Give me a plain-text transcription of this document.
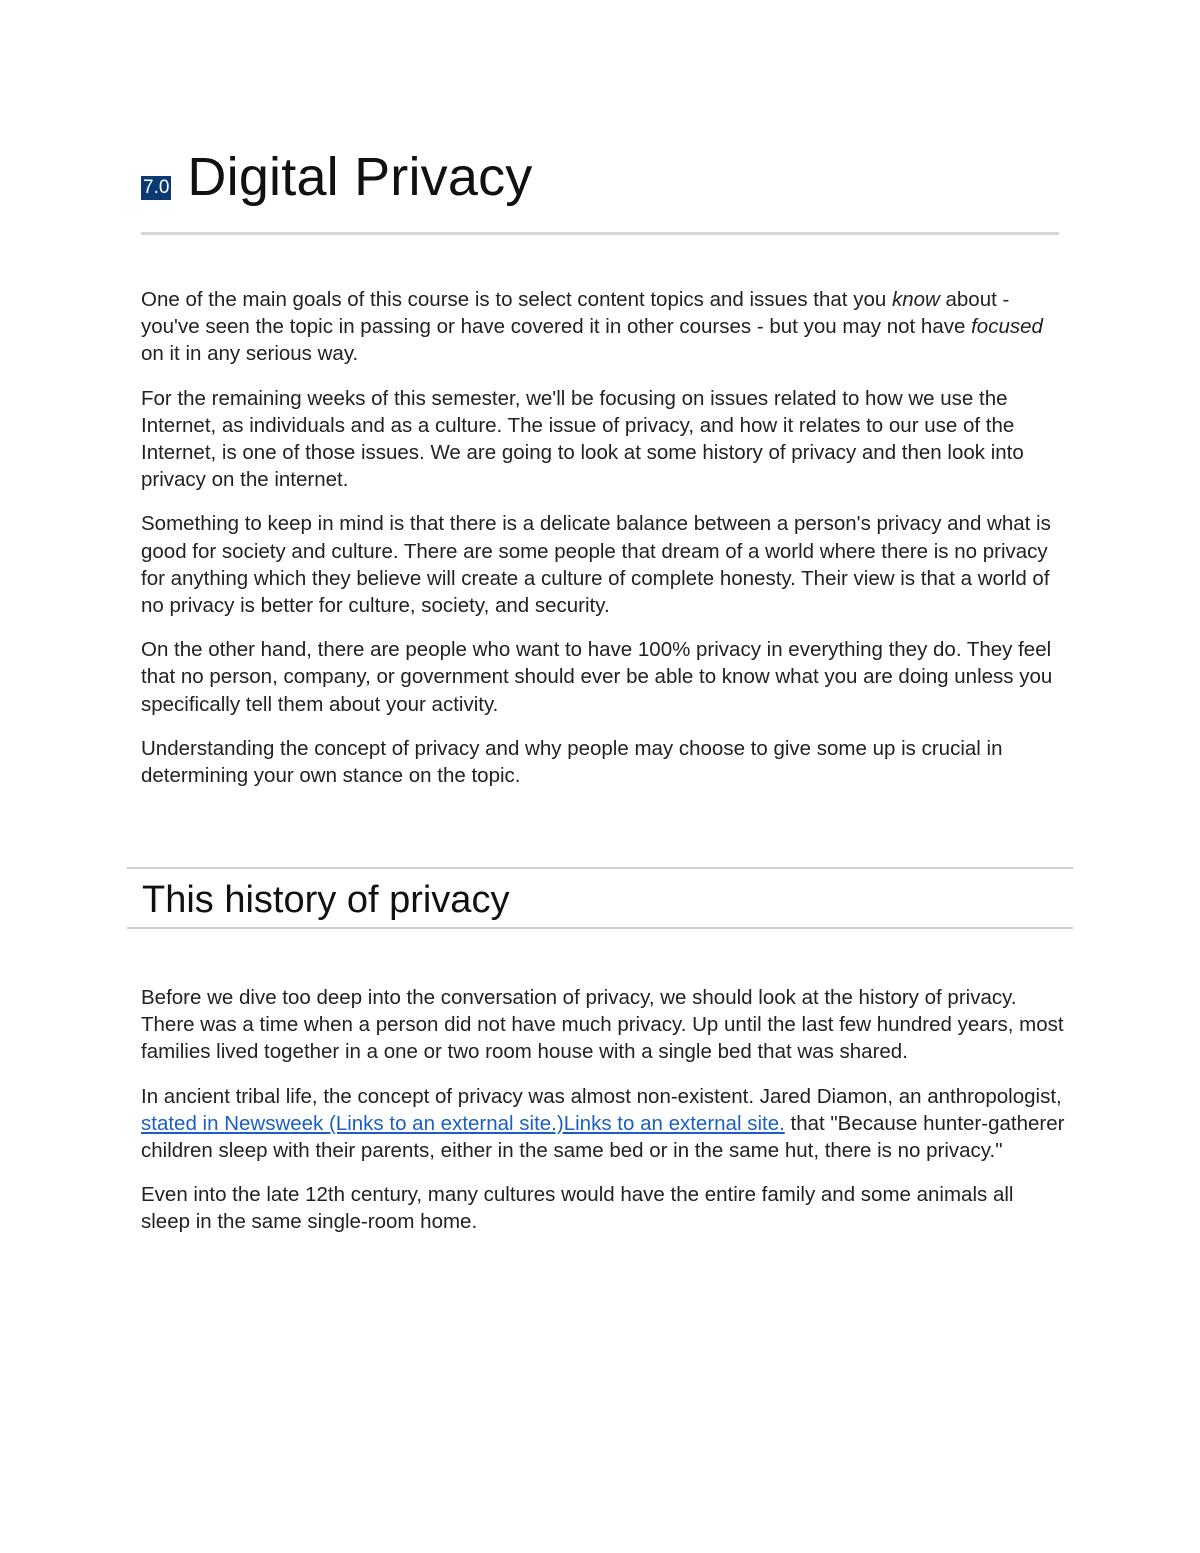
7.0 Digital Privacy

One of the main goals of this course is to select content topics and issues that you know about - you've seen the topic in passing or have covered it in other courses - but you may not have focused on it in any serious way.

For the remaining weeks of this semester, we'll be focusing on issues related to how we use the Internet, as individuals and as a culture. The issue of privacy, and how it relates to our use of the Internet, is one of those issues. We are going to look at some history of privacy and then look into privacy on the internet.

Something to keep in mind is that there is a delicate balance between a person's privacy and what is good for society and culture. There are some people that dream of a world where there is no privacy for anything which they believe will create a culture of complete honesty. Their view is that a world of no privacy is better for culture, society, and security.

On the other hand, there are people who want to have 100% privacy in everything they do. They feel that no person, company, or government should ever be able to know what you are doing unless you specifically tell them about your activity.

Understanding the concept of privacy and why people may choose to give some up is crucial in determining your own stance on the topic.

This history of privacy

Before we dive too deep into the conversation of privacy, we should look at the history of privacy. There was a time when a person did not have much privacy. Up until the last few hundred years, most families lived together in a one or two room house with a single bed that was shared.

In ancient tribal life, the concept of privacy was almost non-existent. Jared Diamon, an anthropologist, stated in Newsweek (Links to an external site.)Links to an external site. that "Because hunter-gatherer children sleep with their parents, either in the same bed or in the same hut, there is no privacy."

Even into the late 12th century, many cultures would have the entire family and some animals all sleep in the same single-room home.
